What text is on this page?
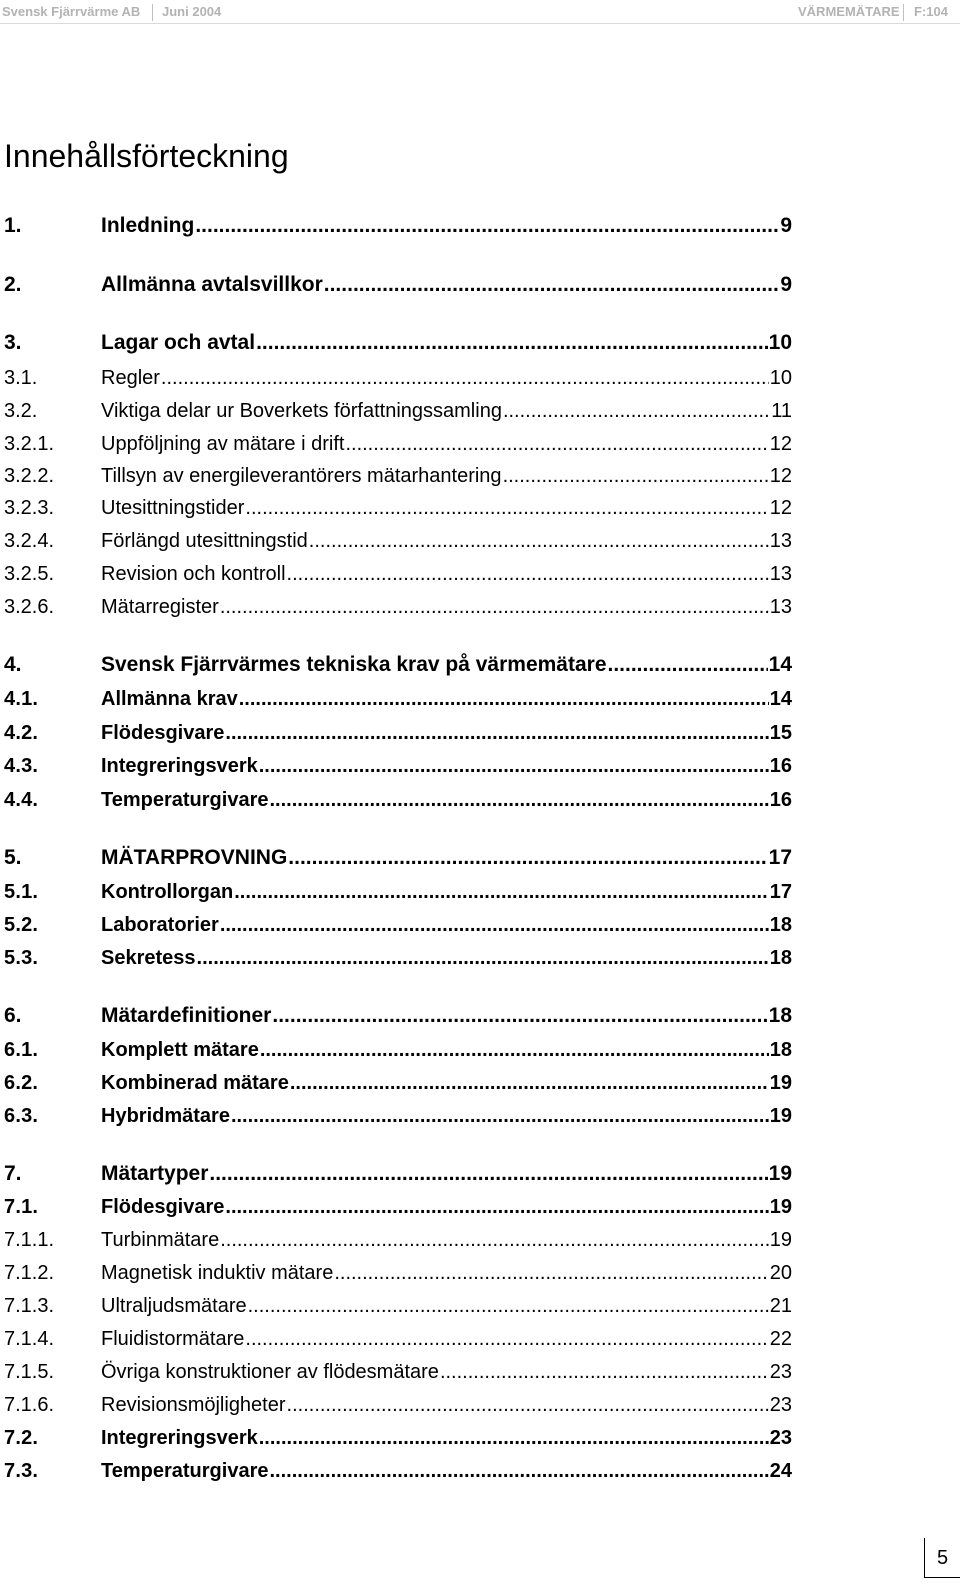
Svensk Fjärrvärme AB Juni 2004	VÄRMEMÄTARE F:104
Innehållsförteckning
1.	Inledning .....	9
2.	Allmänna avtalsvillkor .....	9
3.	Lagar och avtal .....	10
3.1.	Regler .....	10
3.2.	Viktiga delar ur Boverkets författningssamling .....	11
3.2.1. Uppföljning av mätare i drift .....	12
3.2.2. Tillsyn av energileverantörers mätarhantering .....	12
3.2.3. Utesittningstider .....	12
3.2.4. Förlängd utesittningstid .....	13
3.2.5. Revision och kontroll .....	13
3.2.6. Mätarregister .....	13
4.	Svensk Fjärrvärmes tekniska krav på värmemätare .....	14
4.1.	Allmänna krav .....	14
4.2.	Flödesgivare .....	15
4.3.	Integreringsverk .....	16
4.4.	Temperaturgivare .....	16
5.	MÄTARPROVNING .....	17
5.1.	Kontrollorgan .....	17
5.2.	Laboratorier .....	18
5.3.	Sekretess .....	18
6.	Mätardefinitioner .....	18
6.1.	Komplett mätare .....	18
6.2.	Kombinerad mätare .....	19
6.3.	Hybridmätare .....	19
7.	Mätartyper .....	19
7.1.	Flödesgivare .....	19
7.1.1. Turbinmätare .....	19
7.1.2. Magnetisk induktiv mätare .....	20
7.1.3. Ultraljudsmätare .....	21
7.1.4. Fluidistormätare .....	22
7.1.5. Övriga konstruktioner av flödesmätare .....	23
7.1.6. Revisionsmöjligheter .....	23
7.2.	Integreringsverk .....	23
7.3.	Temperaturgivare .....	24
5
